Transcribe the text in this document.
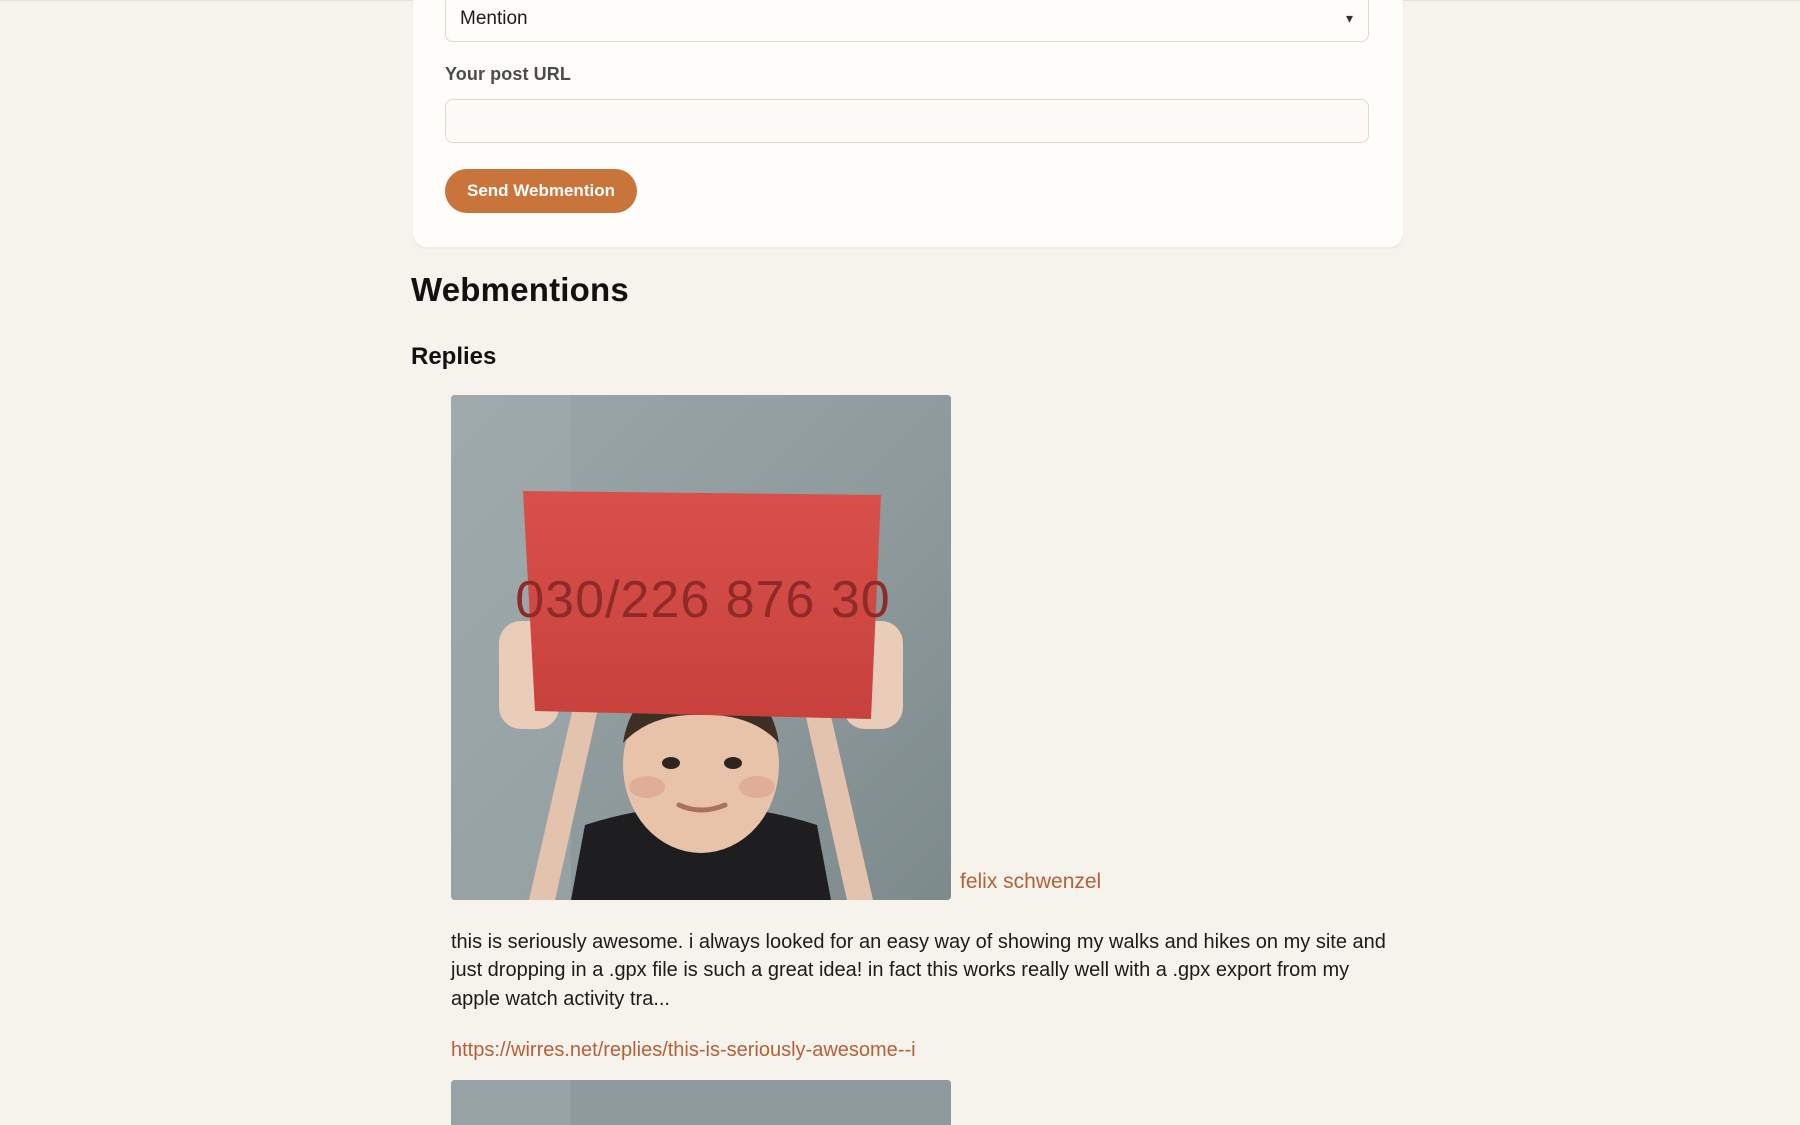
Mention
▾
Your post URL
Send Webmention
Webmentions
Replies
030/226 876 30
felix schwenzel
this is seriously awesome. i always looked for an easy way of showing my walks and hikes on my site and just dropping in a .gpx file is such a great idea! in fact this works really well with a .gpx export from my apple watch activity tra...
https://wirres.net/replies/this-is-seriously-awesome--i
